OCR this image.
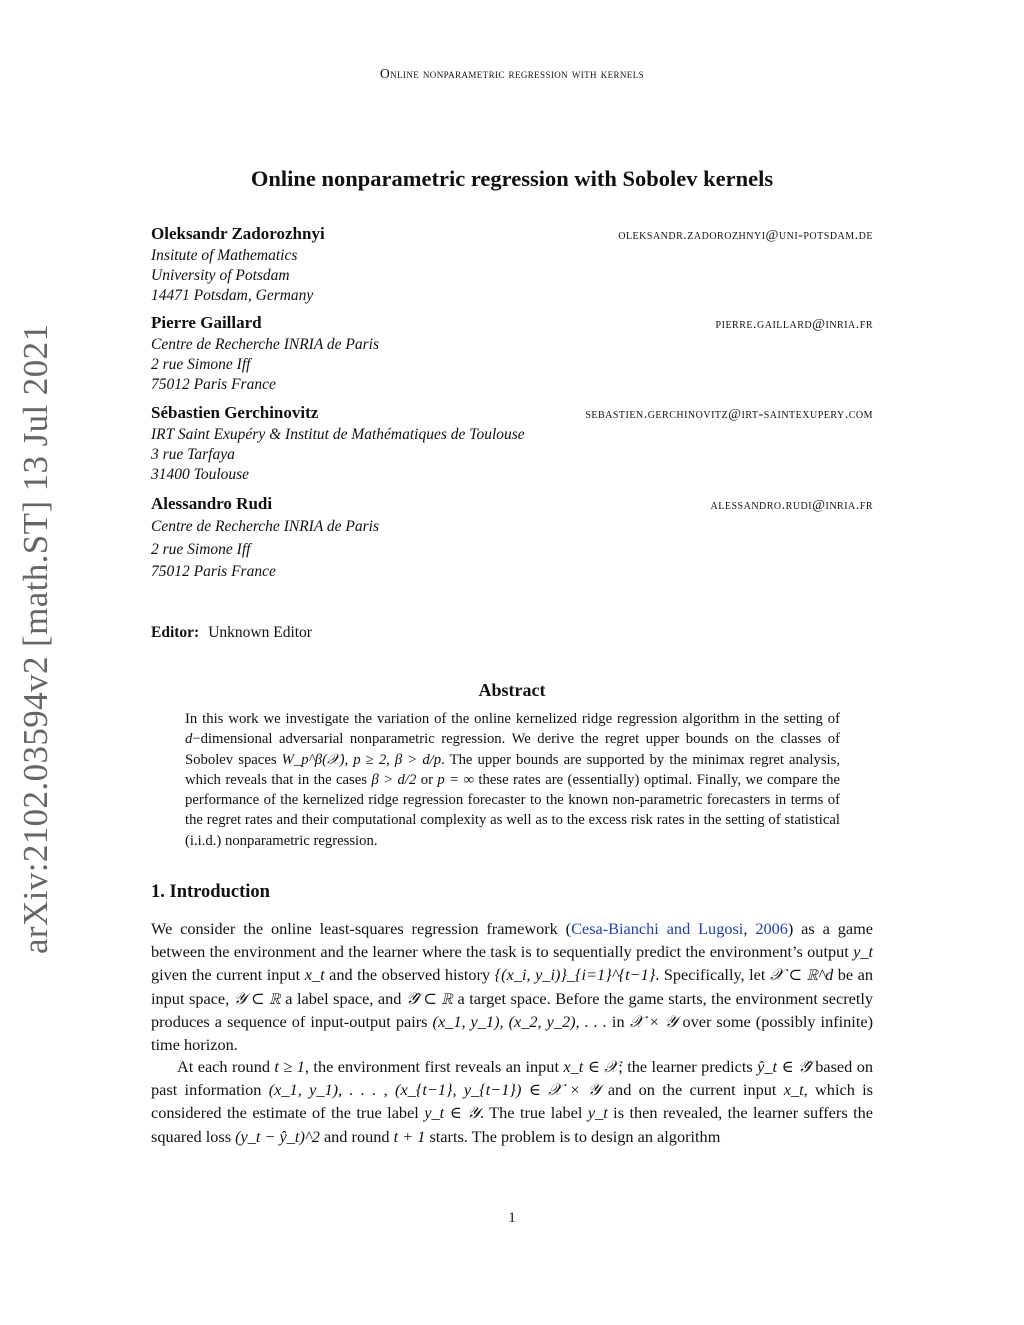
Online nonparametric regression with kernels
arXiv:2102.03594v2 [math.ST] 13 Jul 2021
Online nonparametric regression with Sobolev kernels
Oleksandr Zadorozhnyi	oleksandr.zadorozhnyi@uni-potsdam.de
Insitute of Mathematics
University of Potsdam
14471 Potsdam, Germany
Pierre Gaillard	pierre.gaillard@inria.fr
Centre de Recherche INRIA de Paris
2 rue Simone Iff
75012 Paris France
Sébastien Gerchinovitz	sebastien.gerchinovitz@irt-saintexupery.com
IRT Saint Exupéry & Institut de Mathématiques de Toulouse
3 rue Tarfaya
31400 Toulouse
Alessandro Rudi	alessandro.rudi@inria.fr
Centre de Recherche INRIA de Paris
2 rue Simone Iff
75012 Paris France
Editor: Unknown Editor
Abstract
In this work we investigate the variation of the online kernelized ridge regression algorithm in the setting of d−dimensional adversarial nonparametric regression. We derive the regret upper bounds on the classes of Sobolev spaces W_p^β(𝒳), p ≥ 2, β > d/p. The upper bounds are supported by the minimax regret analysis, which reveals that in the cases β > d/2 or p = ∞ these rates are (essentially) optimal. Finally, we compare the performance of the kernelized ridge regression forecaster to the known non-parametric forecasters in terms of the regret rates and their computational complexity as well as to the excess risk rates in the setting of statistical (i.i.d.) nonparametric regression.
1. Introduction
We consider the online least-squares regression framework (Cesa-Bianchi and Lugosi, 2006) as a game between the environment and the learner where the task is to sequentially predict the environment’s output y_t given the current input x_t and the observed history {(x_i, y_i)}_{i=1}^{t−1}. Specifically, let 𝒳 ⊂ ℝ^d be an input space, 𝒴 ⊂ ℝ a label space, and 𝒴̂ ⊂ ℝ a target space. Before the game starts, the environment secretly produces a sequence of input-output pairs (x_1, y_1), (x_2, y_2), . . . in 𝒳 × 𝒴 over some (possibly infinite) time horizon.
At each round t ≥ 1, the environment first reveals an input x_t ∈ 𝒳; the learner predicts ŷ_t ∈ 𝒴̂ based on past information (x_1, y_1), . . . , (x_{t−1}, y_{t−1}) ∈ 𝒳 × 𝒴 and on the current input x_t, which is considered the estimate of the true label y_t ∈ 𝒴. The true label y_t is then revealed, the learner suffers the squared loss (y_t − ŷ_t)^2 and round t + 1 starts. The problem is to design an algorithm
1
